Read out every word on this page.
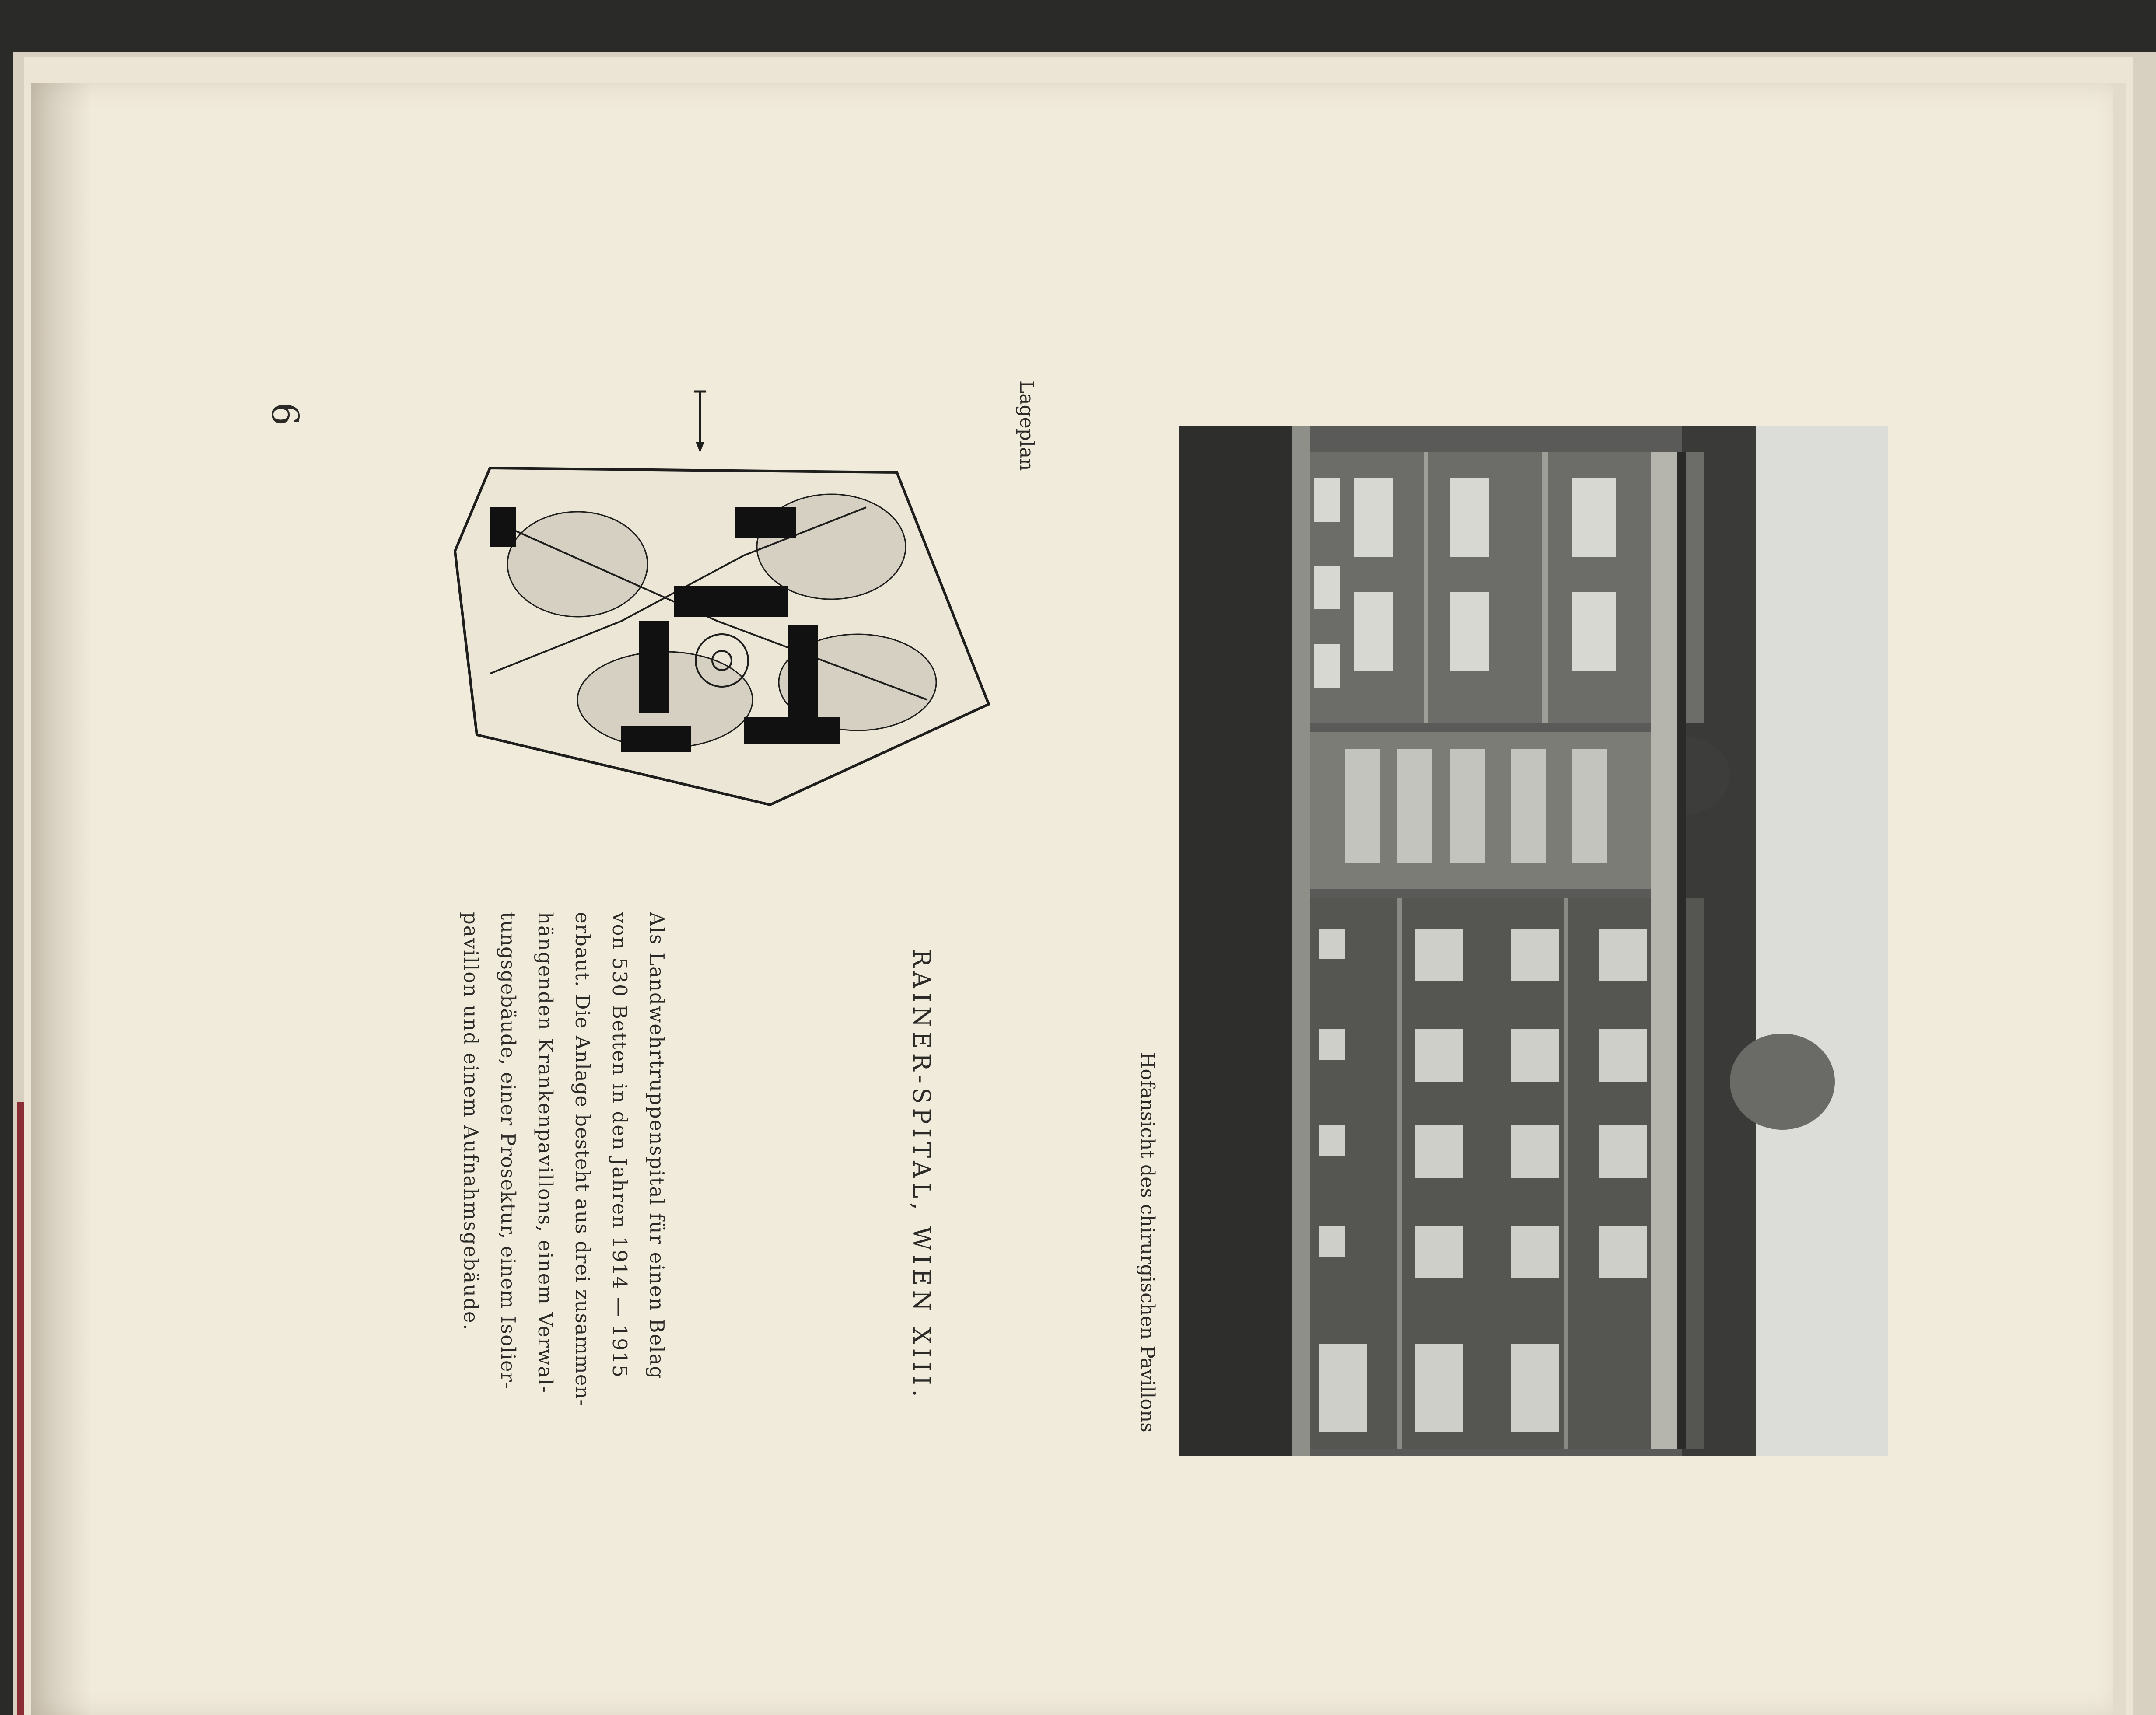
6	Lageplan
Hofansicht des chirurgischen Pavillons
RAINER-SPITAL, WIEN XIII.
Als Landwehrtruppenspital für einen Belag
von 530 Betten in den Jahren 1914 — 1915
erbaut. Die Anlage besteht aus drei zusammen-
hängenden Krankenpavillons, einem Verwal-
tungsgebäude, einer Prosektur, einem Isolier-
pavillon und einem Aufnahmsgebäude.
